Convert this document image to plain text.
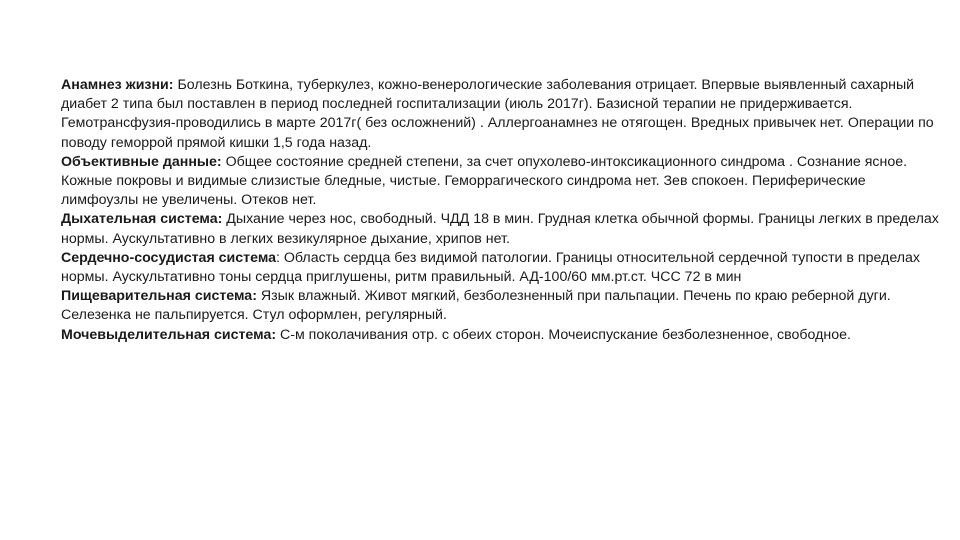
Анамнез жизни: Болезнь Боткина, туберкулез, кожно-венерологические заболевания отрицает. Впервые выявленный сахарный диабет 2 типа был поставлен в период последней госпитализации (июль 2017г). Базисной терапии не придерживается. Гемотрансфузия-проводились в марте 2017г( без осложнений) . Аллергоанамнез не отягощен. Вредных привычек нет. Операции по поводу геморрой прямой кишки 1,5 года назад.

Объективные данные: Общее состояние средней степени, за счет опухолево-интоксикационного синдрома . Сознание ясное. Кожные покровы и видимые слизистые бледные, чистые. Геморрагического синдрома нет. Зев спокоен. Периферические лимфоузлы не увеличены. Отеков нет.

Дыхательная система: Дыхание через нос, свободный. ЧДД 18 в мин. Грудная клетка обычной формы. Границы легких в пределах нормы. Аускультативно в легких везикулярное дыхание, хрипов нет.

Сердечно-сосудистая система: Область сердца без видимой патологии. Границы относительной сердечной тупости в пределах нормы. Аускультативно тоны сердца приглушены, ритм правильный. АД-100/60 мм.рт.ст. ЧСС 72 в мин

Пищеварительная система: Язык влажный. Живот мягкий, безболезненный при пальпации. Печень по краю реберной дуги. Селезенка не пальпируется. Стул оформлен, регулярный.

Мочевыделительная система: С-м поколачивания отр. с обеих сторон. Мочеиспускание безболезненное, свободное.
